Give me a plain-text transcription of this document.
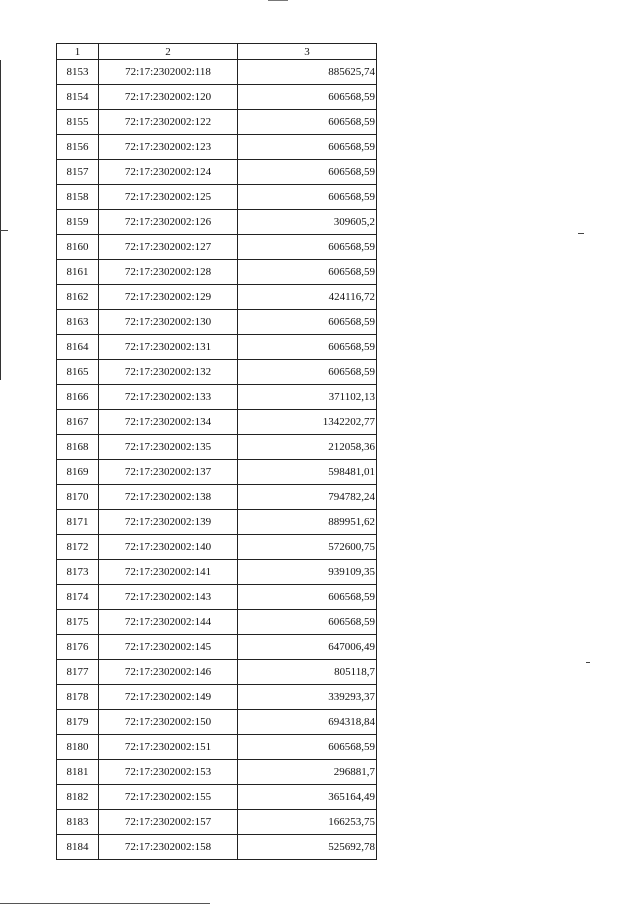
1	2	3
8153	72:17:2302002:118	885625,74
8154	72:17:2302002:120	606568,59
8155	72:17:2302002:122	606568,59
8156	72:17:2302002:123	606568,59
8157	72:17:2302002:124	606568,59
8158	72:17:2302002:125	606568,59
8159	72:17:2302002:126	309605,2
8160	72:17:2302002:127	606568,59
8161	72:17:2302002:128	606568,59
8162	72:17:2302002:129	424116,72
8163	72:17:2302002:130	606568,59
8164	72:17:2302002:131	606568,59
8165	72:17:2302002:132	606568,59
8166	72:17:2302002:133	371102,13
8167	72:17:2302002:134	1342202,77
8168	72:17:2302002:135	212058,36
8169	72:17:2302002:137	598481,01
8170	72:17:2302002:138	794782,24
8171	72:17:2302002:139	889951,62
8172	72:17:2302002:140	572600,75
8173	72:17:2302002:141	939109,35
8174	72:17:2302002:143	606568,59
8175	72:17:2302002:144	606568,59
8176	72:17:2302002:145	647006,49
8177	72:17:2302002:146	805118,7
8178	72:17:2302002:149	339293,37
8179	72:17:2302002:150	694318,84
8180	72:17:2302002:151	606568,59
8181	72:17:2302002:153	296881,7
8182	72:17:2302002:155	365164,49
8183	72:17:2302002:157	166253,75
8184	72:17:2302002:158	525692,78
